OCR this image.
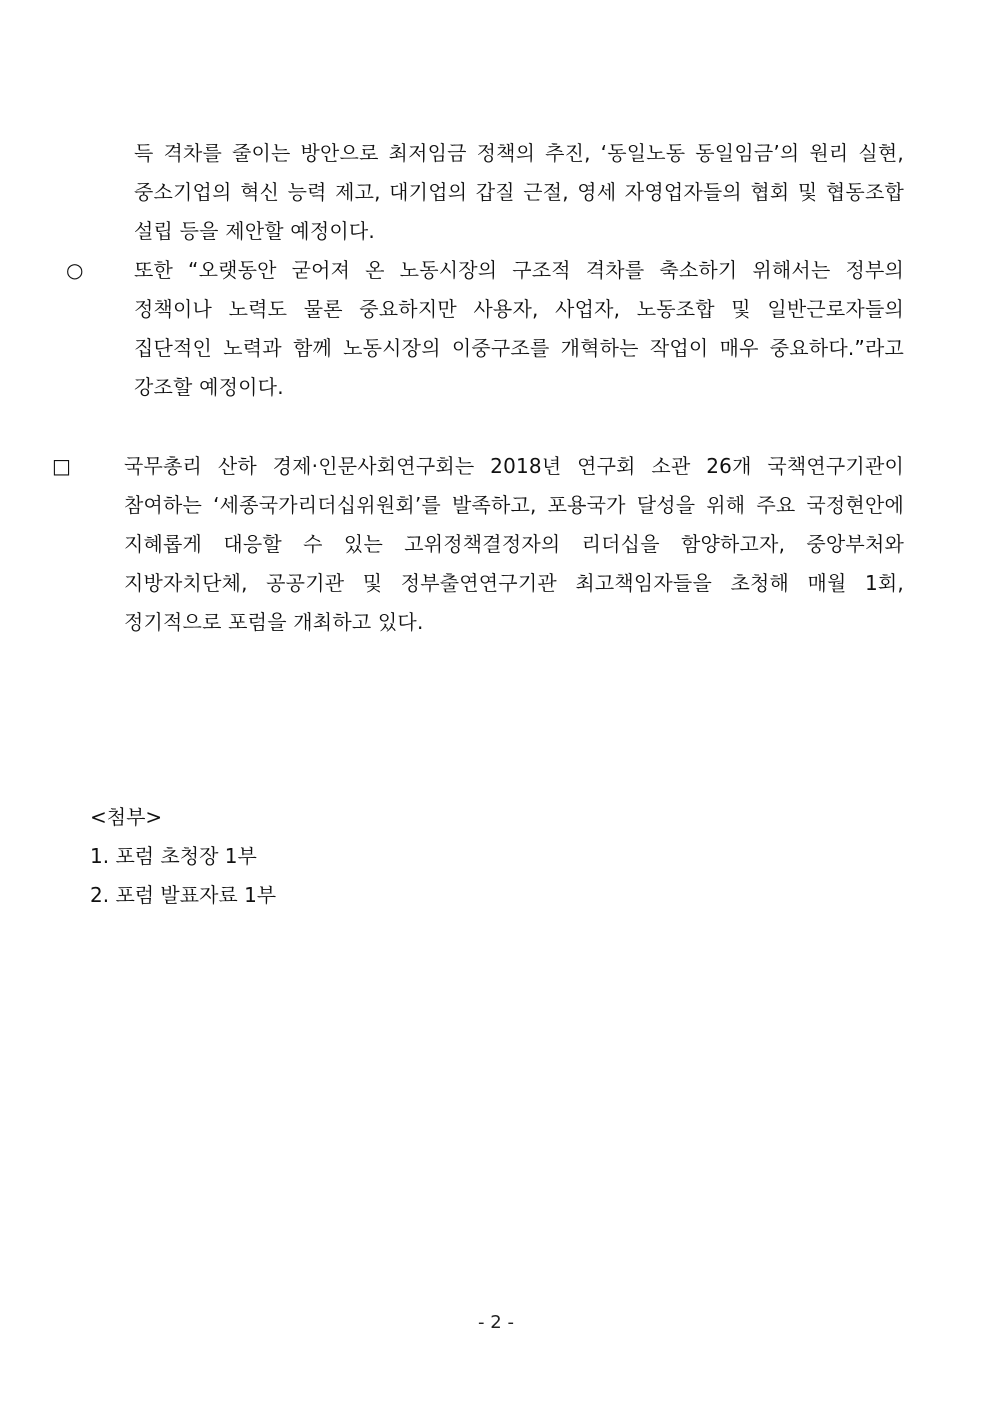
득 격차를 줄이는 방안으로 최저임금 정책의 추진, ‘동일노동 동일임금’의 원리 실현, 중소기업의 혁신 능력 제고, 대기업의 갑질 근절, 영세 자영업자들의 협회 및 협동조합 설립 등을 제안할 예정이다.

○	또한 “오랫동안 굳어져 온 노동시장의 구조적 격차를 축소하기 위해서는 정부의 정책이나 노력도 물론 중요하지만 사용자, 사업자, 노동조합 및 일반근로자들의 집단적인 노력과 함께 노동시장의 이중구조를 개혁하는 작업이 매우 중요하다.”라고 강조할 예정이다.
□	국무총리 산하 경제·인문사회연구회는 2018년 연구회 소관 26개 국책연구기관이 참여하는 ‘세종국가리더십위원회’를 발족하고, 포용국가 달성을 위해 주요 국정현안에 지혜롭게 대응할 수 있는 고위정책결정자의 리더십을 함양하고자, 중앙부처와 지방자치단체, 공공기관 및 정부출연연구기관 최고책임자들을 초청해 매월 1회, 정기적으로 포럼을 개최하고 있다.
<첨부>
1. 포럼 초청장 1부
2. 포럼 발표자료 1부
- 2 -
